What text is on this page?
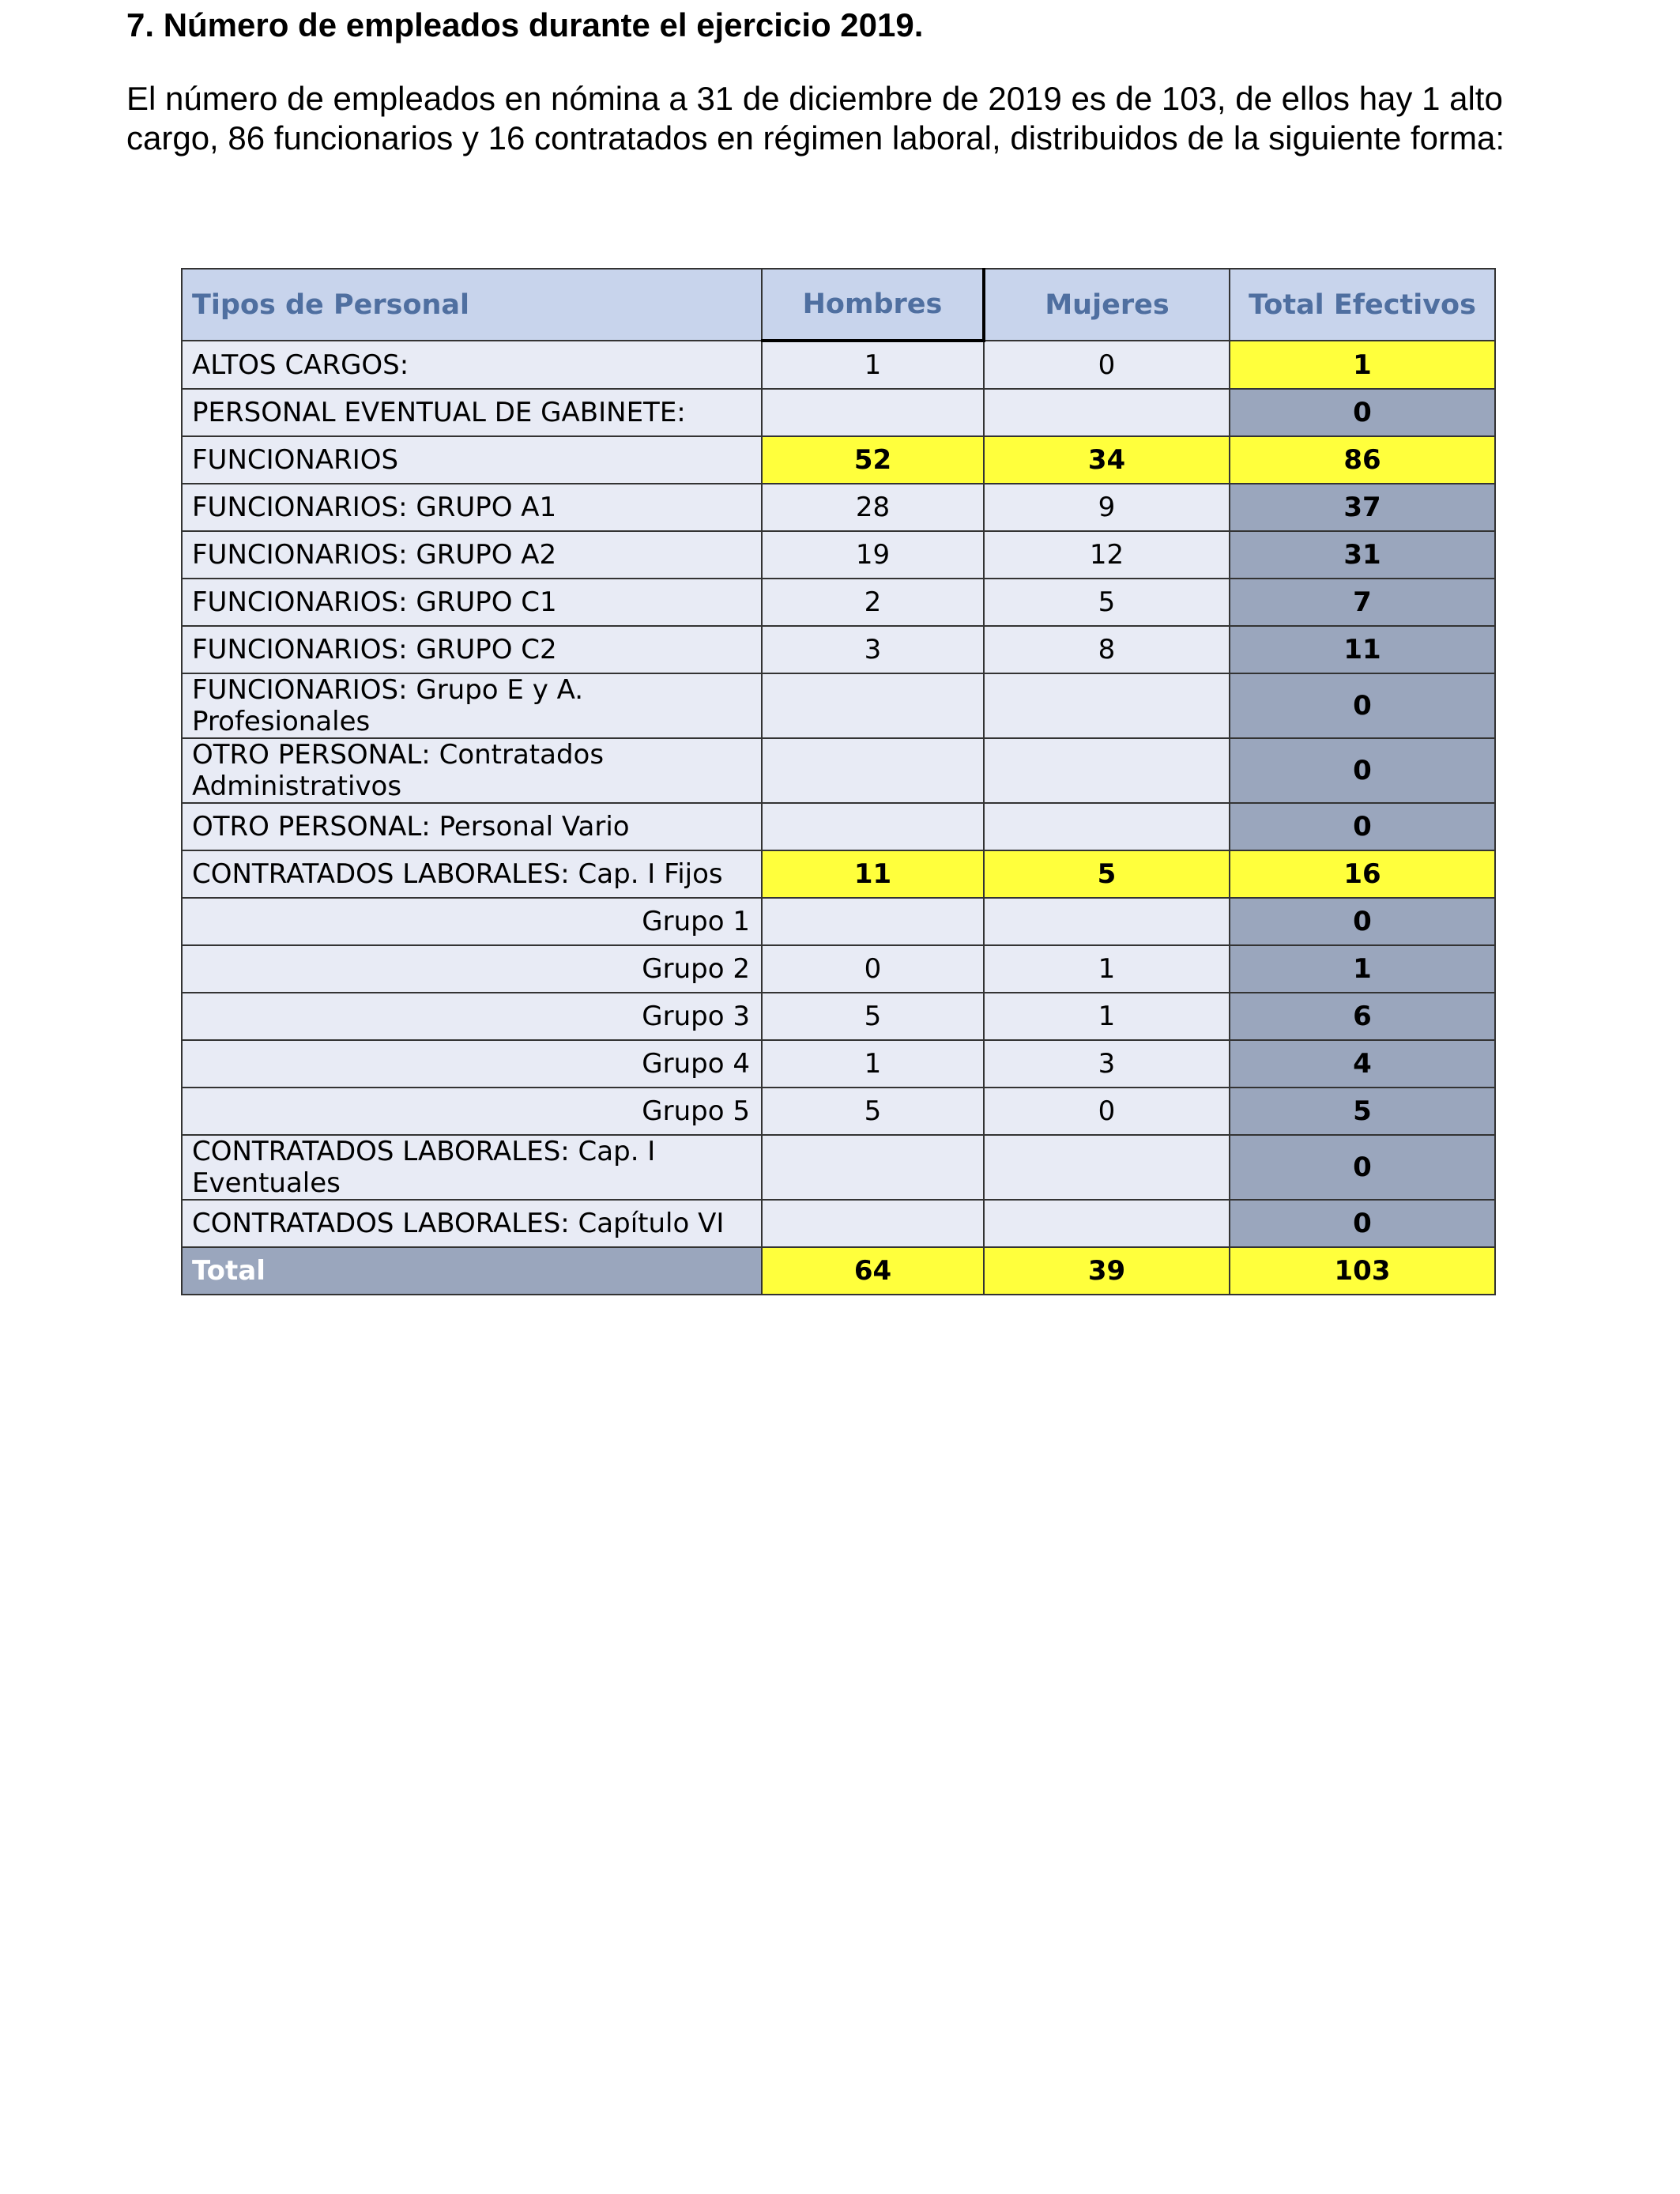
7. Número de empleados durante el ejercicio 2019.
El número de empleados en nómina a 31 de diciembre de 2019 es de 103, de ellos hay 1 alto cargo, 86 funcionarios y 16 contratados en régimen laboral, distribuidos de la siguiente forma:
Tipos de Personal	Hombres	Mujeres	Total Efectivos
ALTOS CARGOS:	1	0	1
PERSONAL EVENTUAL DE GABINETE:			0
FUNCIONARIOS	52	34	86
FUNCIONARIOS: GRUPO A1	28	9	37
FUNCIONARIOS: GRUPO A2	19	12	31
FUNCIONARIOS: GRUPO C1	2	5	7
FUNCIONARIOS: GRUPO C2	3	8	11
FUNCIONARIOS: Grupo E y A. Profesionales			0
OTRO PERSONAL: Contratados Administrativos			0
OTRO PERSONAL: Personal Vario			0
CONTRATADOS LABORALES: Cap. I Fijos	11	5	16
Grupo 1			0
Grupo 2	0	1	1
Grupo 3	5	1	6
Grupo 4	1	3	4
Grupo 5	5	0	5
CONTRATADOS LABORALES: Cap. I Eventuales			0
CONTRATADOS LABORALES: Capítulo VI			0
Total	64	39	103
